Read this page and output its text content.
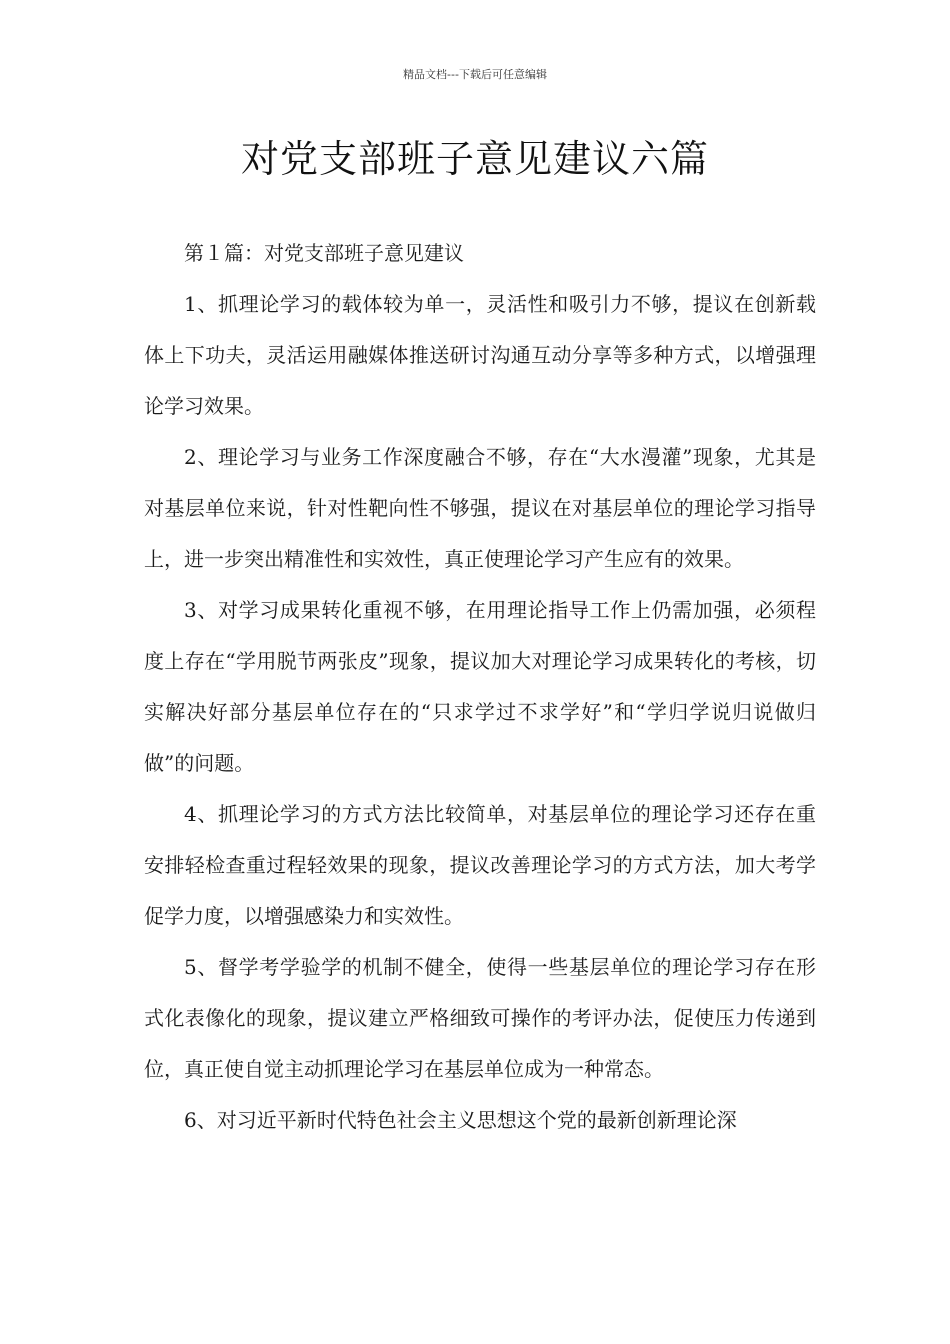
精品文档---下载后可任意编辑
对党支部班子意见建议六篇

第１篇：对党支部班子意见建议

1、抓理论学习的载体较为单一，灵活性和吸引力不够，提议在创新载体上下功夫，灵活运用融媒体推送研讨沟通互动分享等多种方式，以增强理论学习效果。

2、理论学习与业务工作深度融合不够，存在“大水漫灌”现象，尤其是对基层单位来说，针对性靶向性不够强，提议在对基层单位的理论学习指导上，进一步突出精准性和实效性，真正使理论学习产生应有的效果。

3、对学习成果转化重视不够，在用理论指导工作上仍需加强，必须程度上存在“学用脱节两张皮”现象，提议加大对理论学习成果转化的考核，切实解决好部分基层单位存在的“只求学过不求学好”和“学归学说归说做归做”的问题。

4、抓理论学习的方式方法比较简单，对基层单位的理论学习还存在重安排轻检查重过程轻效果的现象，提议改善理论学习的方式方法，加大考学促学力度，以增强感染力和实效性。

5、督学考学验学的机制不健全，使得一些基层单位的理论学习存在形式化表像化的现象，提议建立严格细致可操作的考评办法，促使压力传递到位，真正使自觉主动抓理论学习在基层单位成为一种常态。

6、对习近平新时代特色社会主义思想这个党的最新创新理论深
